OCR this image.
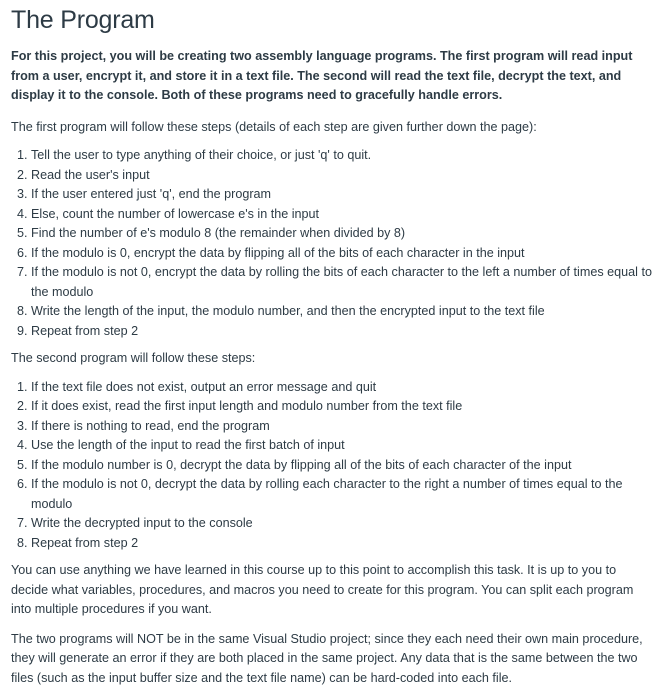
The Program

For this project, you will be creating two assembly language programs. The first program will read input from a user, encrypt it, and store it in a text file. The second will read the text file, decrypt the text, and display it to the console. Both of these programs need to gracefully handle errors.

The first program will follow these steps (details of each step are given further down the page):

1. Tell the user to type anything of their choice, or just 'q' to quit.
2. Read the user's input
3. If the user entered just 'q', end the program
4. Else, count the number of lowercase e's in the input
5. Find the number of e's modulo 8 (the remainder when divided by 8)
6. If the modulo is 0, encrypt the data by flipping all of the bits of each character in the input
7. If the modulo is not 0, encrypt the data by rolling the bits of each character to the left a number of times equal to the modulo
8. Write the length of the input, the modulo number, and then the encrypted input to the text file
9. Repeat from step 2

The second program will follow these steps:

1. If the text file does not exist, output an error message and quit
2. If it does exist, read the first input length and modulo number from the text file
3. If there is nothing to read, end the program
4. Use the length of the input to read the first batch of input
5. If the modulo number is 0, decrypt the data by flipping all of the bits of each character of the input
6. If the modulo is not 0, decrypt the data by rolling each character to the right a number of times equal to the modulo
7. Write the decrypted input to the console
8. Repeat from step 2

You can use anything we have learned in this course up to this point to accomplish this task. It is up to you to decide what variables, procedures, and macros you need to create for this program. You can split each program into multiple procedures if you want.

The two programs will NOT be in the same Visual Studio project; since they each need their own main procedure, they will generate an error if they are both placed in the same project. Any data that is the same between the two files (such as the input buffer size and the text file name) can be hard-coded into each file.
